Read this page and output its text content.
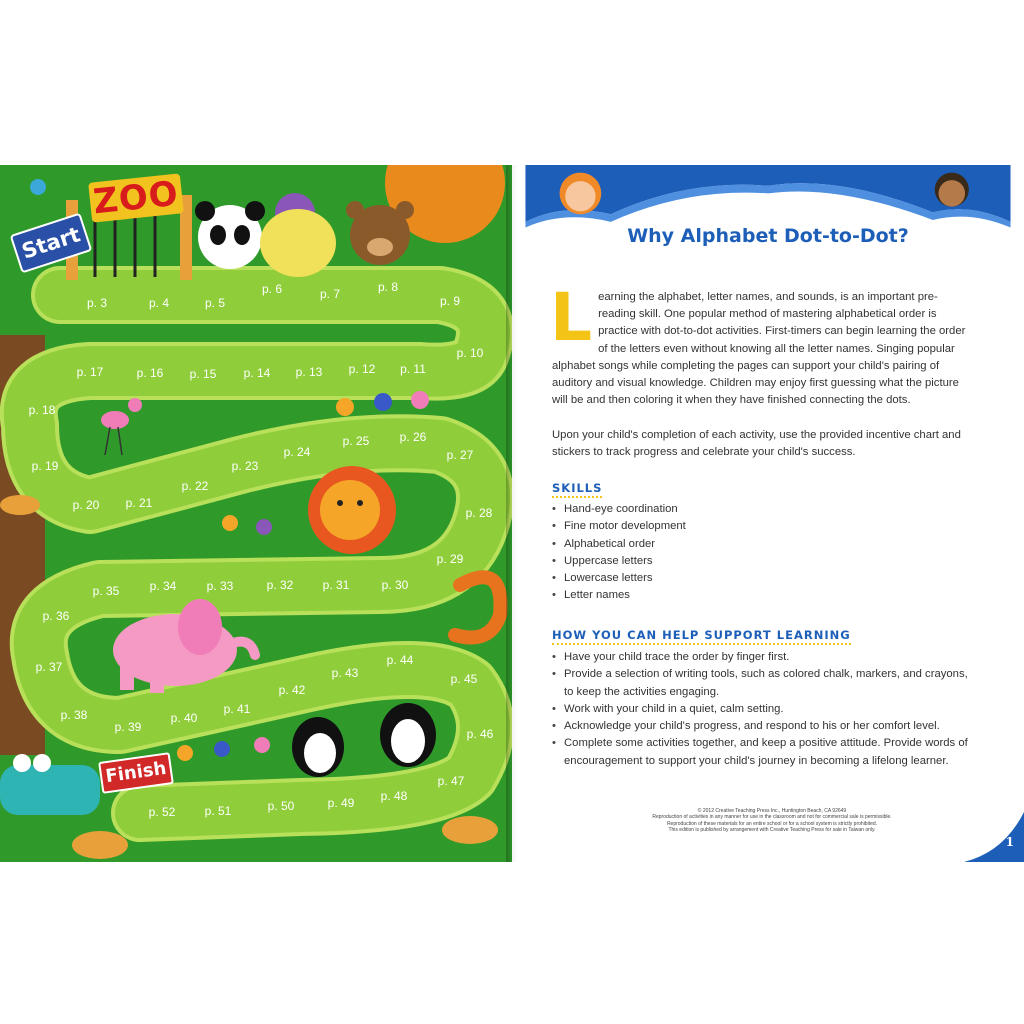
ZOO
Start
Finish
p. 3	p. 4	p. 5
p. 6	p. 7	p. 8
p. 9
p. 10
p. 11
p. 12
p. 13
p. 14
p. 15
p. 16
p. 17
p. 18
p. 19
p. 20	p. 21
p. 22
p. 23
p. 24
p. 25	p. 26
p. 27
p. 28
p. 29
p. 30
p. 31
p. 32
p. 33
p. 34
p. 35
p. 36
p. 37
p. 38
p. 39
p. 40
p. 41
p. 42
p. 43
p. 44
p. 45
p. 46
p. 47
p. 48
p. 49
p. 50
p. 51
p. 52
Why Alphabet Dot-to-Dot?
Learning the alphabet, letter names, and sounds, is an important pre-reading skill. One popular method of mastering alphabetical order is practice with dot-to-dot activities. First-timers can begin learning the order of the letters even without knowing all the letter names. Singing popular alphabet songs while completing the pages can support your child's pairing of auditory and visual knowledge. Children may enjoy first guessing what the picture will be and then coloring it when they have finished connecting the dots.
Upon your child's completion of each activity, use the provided incentive chart and stickers to track progress and celebrate your child's success.
SKILLS
• Hand-eye coordination
• Fine motor development
• Alphabetical order
• Uppercase letters
• Lowercase letters
• Letter names
HOW YOU CAN HELP SUPPORT LEARNING
• Have your child trace the order by finger first.
• Provide a selection of writing tools, such as colored chalk, markers, and crayons, to keep the activities engaging.
• Work with your child in a quiet, calm setting.
• Acknowledge your child's progress, and respond to his or her comfort level.
• Complete some activities together, and keep a positive attitude. Provide words of encouragement to support your child's journey in becoming a lifelong learner.
© 2012 Creative Teaching Press Inc., Huntington Beach, CA 92649
Reproduction of activities in any manner for use in the classroom and not for commercial sale is permissible.
Reproduction of these materials for an entire school or for a school system is strictly prohibited.
This edition is published by arrangement with Creative Teaching Press for sale in Taiwan only.
1
